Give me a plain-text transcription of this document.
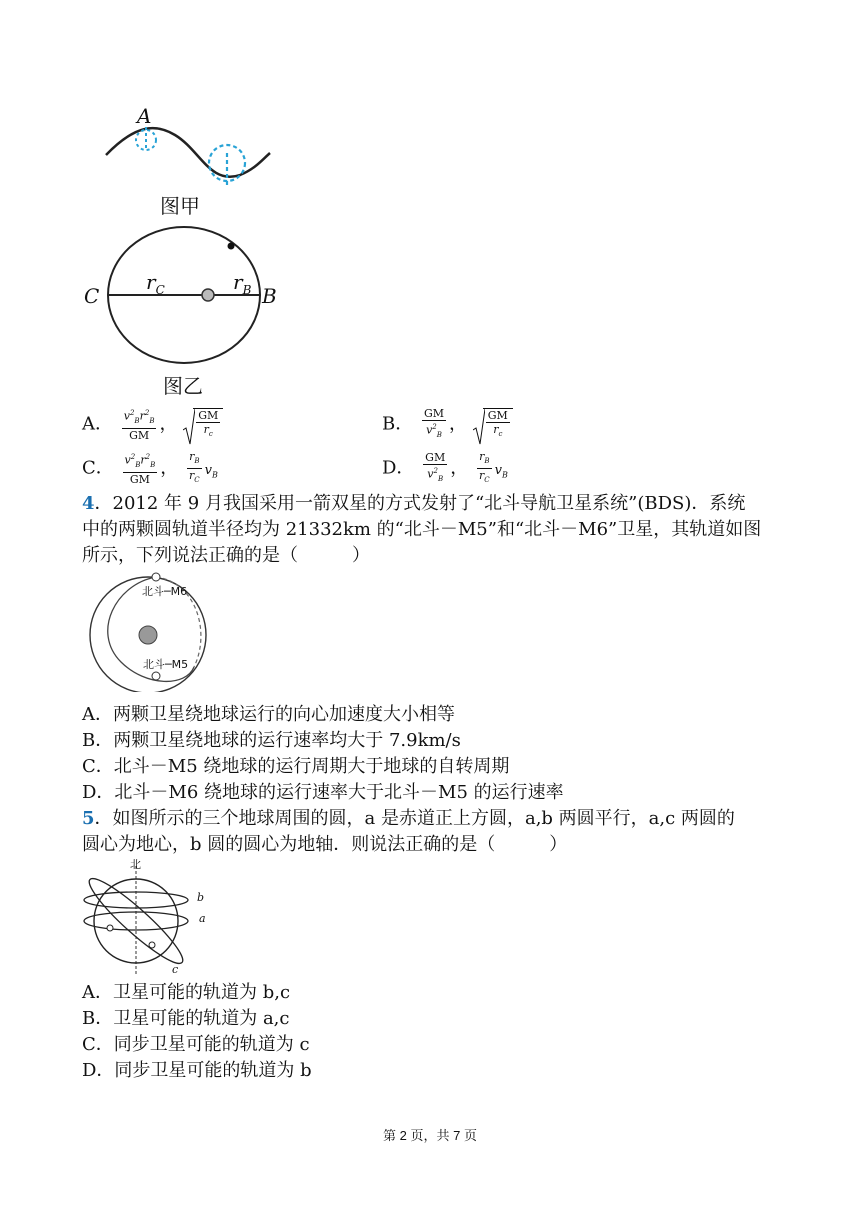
A
图甲
C	B
$r_C$	$r_B$
图乙
A． $\frac{v^2_Br^2_B}{GM}$ ， $\frac{GM}{r_c}$	B． $\frac{GM}{v^2_B}$ ， $\frac{GM}{r_c}$
C． $\frac{v^2_Br^2_B}{GM}$ ， $\frac{r_B}{r_C} v_B$	D． $\frac{GM}{v^2_B}$ ， $\frac{r_B}{r_C} v_B$
4．2012 年 9 月我国采用一箭双星的方式发射了“北斗导航卫星系统”(BDS)．系统
中的两颗圆轨道半径均为 21332km 的“北斗－M5”和“北斗－M6”卫星，其轨道如图
所示，下列说法正确的是（　　　）
北斗─M6
北斗─M5
A．两颗卫星绕地球运行的向心加速度大小相等
B．两颗卫星绕地球的运行速率均大于 7.9km/s
C．北斗－M5 绕地球的运行周期大于地球的自转周期
D．北斗－M6 绕地球的运行速率大于北斗－M5 的运行速率
5．如图所示的三个地球周围的圆，a 是赤道正上方圆，a,b 两圆平行，a,c 两圆的
圆心为地心，b 圆的圆心为地轴．则说法正确的是（　　　）
北
b
a
c
A．卫星可能的轨道为 b,c
B．卫星可能的轨道为 a,c
C．同步卫星可能的轨道为 c
D．同步卫星可能的轨道为 b
第 2 页，共 7 页
